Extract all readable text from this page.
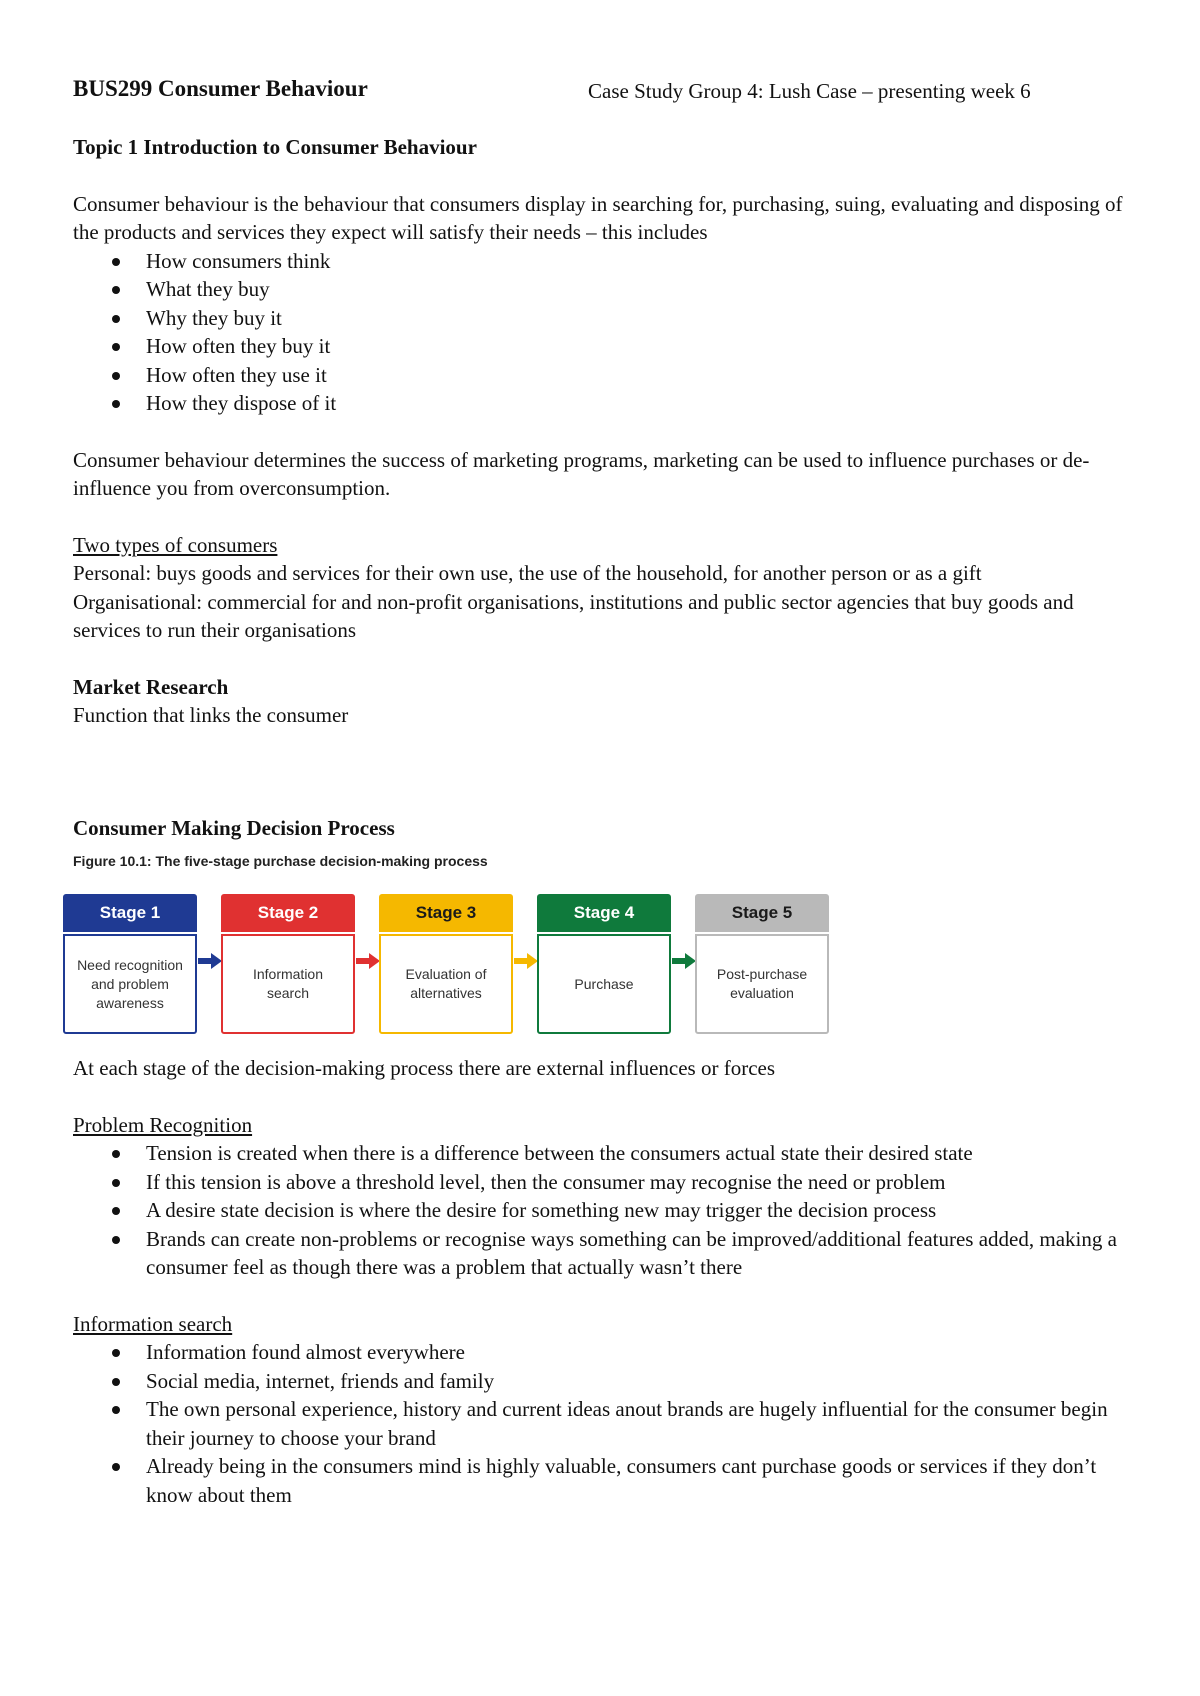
BUS299 Consumer Behaviour	Case Study Group 4: Lush Case – presenting week 6

Topic 1 Introduction to Consumer Behaviour

Consumer behaviour is the behaviour that consumers display in searching for, purchasing, suing, evaluating and disposing of the products and services they expect will satisfy their needs – this includes

How consumers think
What they buy
Why they buy it
How often they buy it
How often they use it
How they dispose of it

Consumer behaviour determines the success of marketing programs, marketing can be used to influence purchases or de-influence you from overconsumption.

Two types of consumers

Personal: buys goods and services for their own use, the use of the household, for another person or as a gift

Organisational: commercial for and non-profit organisations, institutions and public sector agencies that buy goods and services to run their organisations

Market Research

Function that links the consumer

Consumer Making Decision Process

Figure 10.1: The five-stage purchase decision-making process
Stage 1
Need recognition and problem awareness
Stage 2
Information search
Stage 3
Evaluation of alternatives
Stage 4
Purchase
Stage 5
Post-purchase evaluation

At each stage of the decision-making process there are external influences or forces

Problem Recognition

Tension is created when there is a difference between the consumers actual state their desired state
If this tension is above a threshold level, then the consumer may recognise the need or problem
A desire state decision is where the desire for something new may trigger the decision process
Brands can create non-problems or recognise ways something can be improved/additional features added, making a consumer feel as though there was a problem that actually wasn’t there

Information search

Information found almost everywhere
Social media, internet, friends and family
The own personal experience, history and current ideas anout brands are hugely influential for the consumer begin their journey to choose your brand
Already being in the consumers mind is highly valuable, consumers cant purchase goods or services if they don’t know about them
